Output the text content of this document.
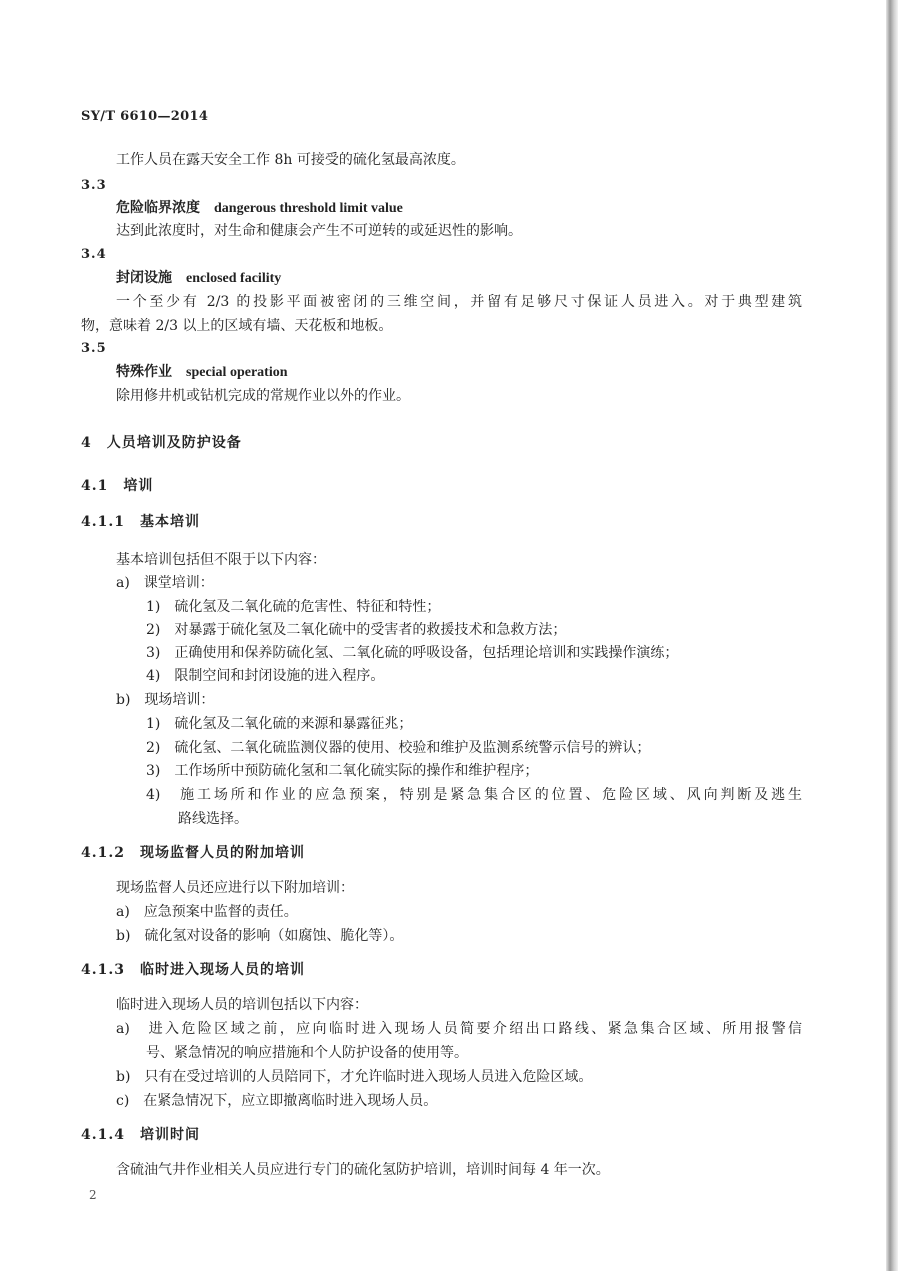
SY/T 6610—2014
工作人员在露天安全工作 8h 可接受的硫化氢最高浓度。
3.3
危险临界浓度 dangerous threshold limit value
达到此浓度时，对生命和健康会产生不可逆转的或延迟性的影响。
3.4
封闭设施 enclosed facility
一个至少有 2/3 的投影平面被密闭的三维空间，并留有足够尺寸保证人员进入。对于典型建筑
物，意味着 2/3 以上的区域有墙、天花板和地板。
3.5
特殊作业 special operation
除用修井机或钻机完成的常规作业以外的作业。
4　人员培训及防护设备
4.1　培训
4.1.1　基本培训
基本培训包括但不限于以下内容：
a)　课堂培训：
1)　硫化氢及二氧化硫的危害性、特征和特性；
2)　对暴露于硫化氢及二氧化硫中的受害者的救援技术和急救方法；
3)　正确使用和保养防硫化氢、二氧化硫的呼吸设备，包括理论培训和实践操作演练；
4)　限制空间和封闭设施的进入程序。
b)　现场培训：
1)　硫化氢及二氧化硫的来源和暴露征兆；
2)　硫化氢、二氧化硫监测仪器的使用、校验和维护及监测系统警示信号的辨认；
3)　工作场所中预防硫化氢和二氧化硫实际的操作和维护程序；
4)　施工场所和作业的应急预案，特别是紧急集合区的位置、危险区域、风向判断及逃生
路线选择。
4.1.2　现场监督人员的附加培训
现场监督人员还应进行以下附加培训：
a)　应急预案中监督的责任。
b)　硫化氢对设备的影响（如腐蚀、脆化等）。
4.1.3　临时进入现场人员的培训
临时进入现场人员的培训包括以下内容：
a)　进入危险区域之前，应向临时进入现场人员简要介绍出口路线、紧急集合区域、所用报警信
号、紧急情况的响应措施和个人防护设备的使用等。
b)　只有在受过培训的人员陪同下，才允许临时进入现场人员进入危险区域。
c)　在紧急情况下，应立即撤离临时进入现场人员。
4.1.4　培训时间
含硫油气井作业相关人员应进行专门的硫化氢防护培训，培训时间每 4 年一次。
2
